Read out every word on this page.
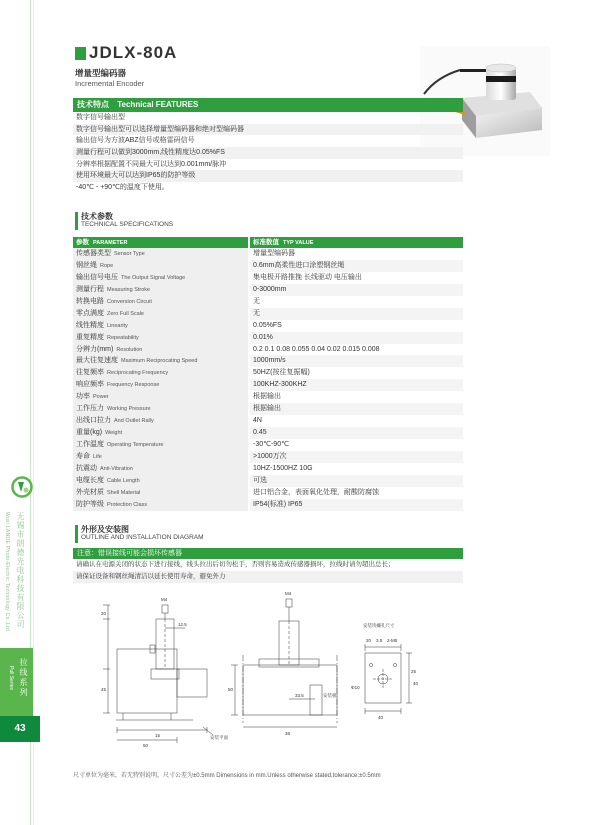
无锡市朗德光电科技有限公司
Wuxi LANDE Photo-Electric Technology Co.,Ltd
拉线系列
Pull Series
43
JDLX-80A
增量型编码器
Incremental Encoder
技术特点 Technical FEATURES
数字信号输出型
数字信号输出型可以选择增量型编码器和绝对型编码器
输出信号为方波ABZ信号或格雷码信号
测量行程可以做到3000mm,线性精度达0.05%FS
分辨率根据配置不同最大可以达到0.001mm/脉冲
使用环境最大可以达到IP65的防护等级
-40℃ - +90℃的温度下使用。
技术参数
TECHNICAL SPECIFICATIONS
参数 PARAMETER	标准数值 TYP VALUE
传感器类型 Sensor Type	增量型编码器
钢丝绳 Rope	0.6mm高柔性进口涂塑钢丝绳
输出信号电压 The Output Signal Voltage	集电极开路推挽 长线驱动 电压输出
测量行程 Measuring Stroke	0-3000mm
转换电路 Conversion Circuit	无
零点满度 Zero Full Scale	无
线性精度 Linearity	0.05%FS
重复精度 Repeatability	0.01%
分辨力(mm) Resolution	0.2 0.1 0.08 0.055 0.04 0.02 0.015 0.008
最大往复速度 Maximum Reciprocating Speed	1000mm/s
往复频率 Reciprocating Frequency	50HZ(按往复振幅)
响应频率 Frequency Response	100KHZ-300KHZ
功率 Power	根据输出
工作压力 Working Pressure	根据输出
出线口拉力 And Outlet Rally	4N
重量(kg) Weight	0.45
工作温度 Operating Temperature	-30℃-90℃
寿命 Life	>1000万次
抗震动 Anti-Vibration	10HZ-1500HZ 10G
电缆长度 Cable Length	可选
外壳材质 Shell Material	进口铝合金，表面氧化处理，耐酸防腐蚀
防护等级 Protection Class	IP54(标准) IP65
外形及安装图
OUTLINE AND INSTALLATION DIAGRAM
注意：错误接线可能会损坏传感器
请确认在电源关闭的状态下进行接线，线头拉出后切勿松手，否则容易造成传感器损坏，拉线时请勿超出总长；
请保证设备和钢丝绳清洁以延长使用寿命，避免外力
M4
20
12.5
45
15
50
安装平面
M4
50
33.5	安装板
38
安装块螺孔尺寸
20 3.5 2-M5
25
Φ10
40
40
尺寸单位为毫米，若无特别说明，尺寸公差为±0.5mm Dimensions in mm.Unless otherwise stated,tolerance:±0.5mm
